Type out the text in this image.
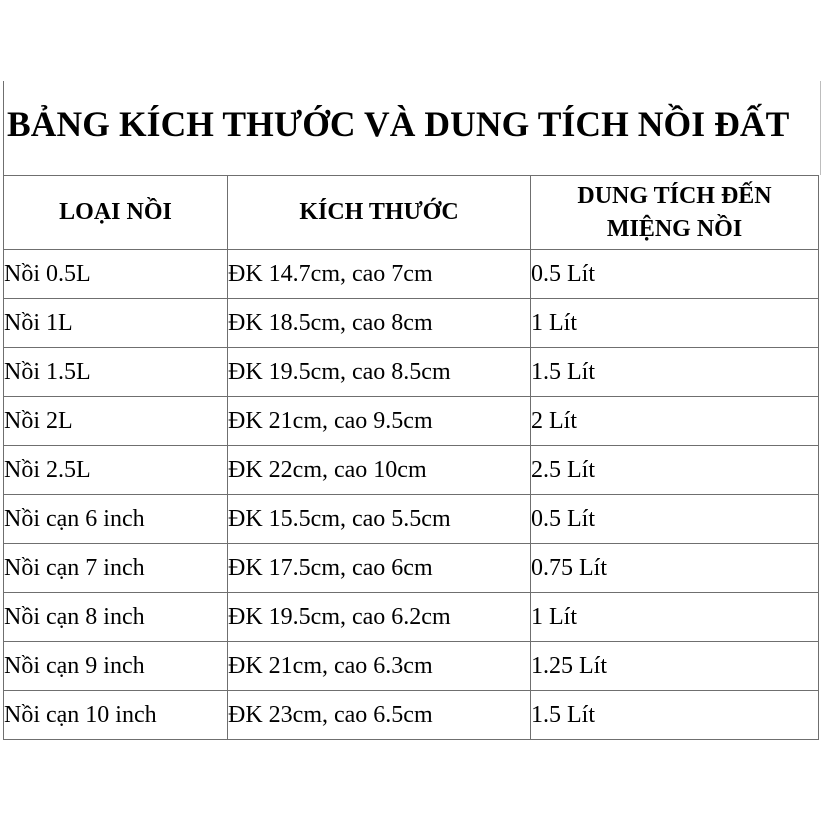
BẢNG KÍCH THƯỚC VÀ DUNG TÍCH NỒI ĐẤT
LOẠI NỒI	KÍCH THƯỚC	DUNG TÍCH ĐẾN
MIỆNG NỒI

Nồi 0.5L	ĐK 14.7cm, cao 7cm	0.5 Lít
Nồi 1L	ĐK 18.5cm, cao 8cm	1 Lít
Nồi 1.5L	ĐK 19.5cm, cao 8.5cm	1.5 Lít
Nồi 2L	ĐK 21cm, cao 9.5cm	2 Lít
Nồi 2.5L	ĐK 22cm, cao 10cm	2.5 Lít
Nồi cạn 6 inch	ĐK 15.5cm, cao 5.5cm	0.5 Lít
Nồi cạn 7 inch	ĐK 17.5cm, cao 6cm	0.75 Lít
Nồi cạn 8 inch	ĐK 19.5cm, cao 6.2cm	1 Lít
Nồi cạn 9 inch	ĐK 21cm, cao 6.3cm	1.25 Lít
Nồi cạn 10 inch	ĐK 23cm, cao 6.5cm	1.5 Lít
